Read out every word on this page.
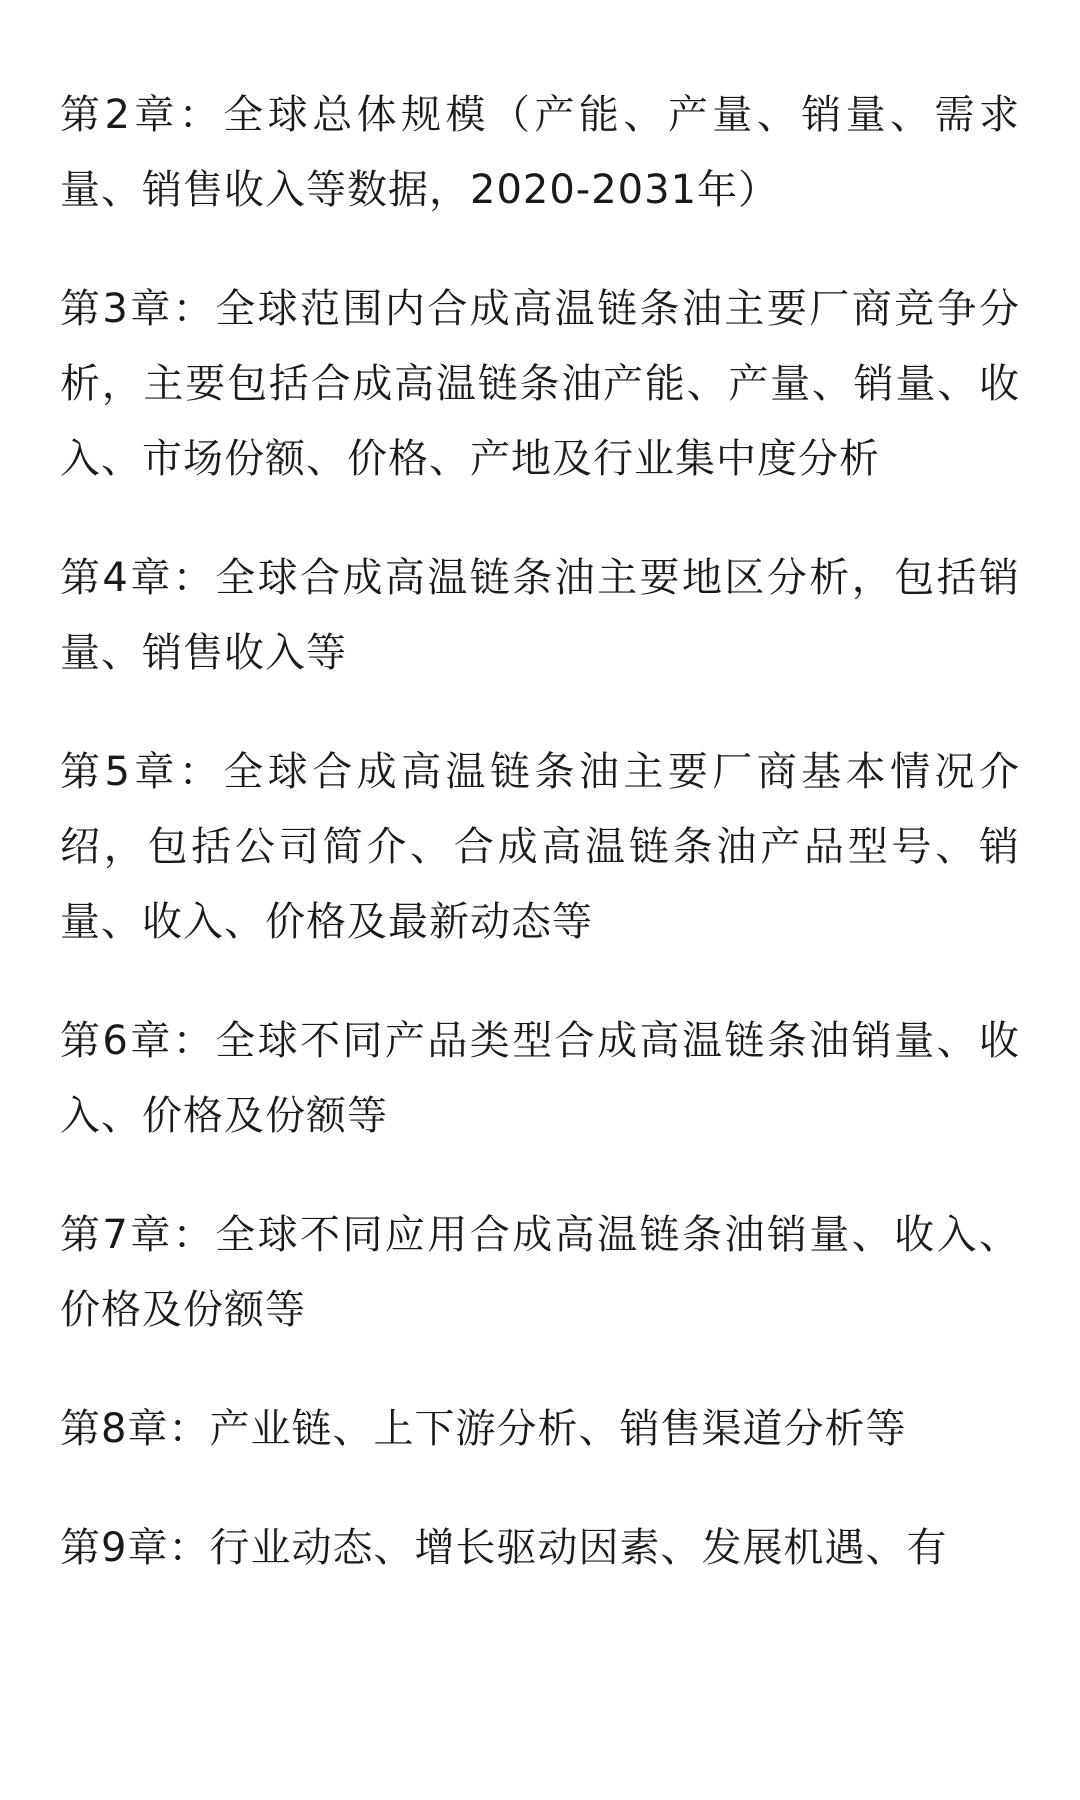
第2章：全球总体规模（产能、产量、销量、需求量、销售收入等数据，2020-2031年）

第3章：全球范围内合成高温链条油主要厂商竞争分析，主要包括合成高温链条油产能、产量、销量、收入、市场份额、价格、产地及行业集中度分析

第4章：全球合成高温链条油主要地区分析，包括销量、销售收入等

第5章：全球合成高温链条油主要厂商基本情况介绍，包括公司简介、合成高温链条油产品型号、销量、收入、价格及最新动态等

第6章：全球不同产品类型合成高温链条油销量、收入、价格及份额等

第7章：全球不同应用合成高温链条油销量、收入、价格及份额等

第8章：产业链、上下游分析、销售渠道分析等

第9章：行业动态、增长驱动因素、发展机遇、有
